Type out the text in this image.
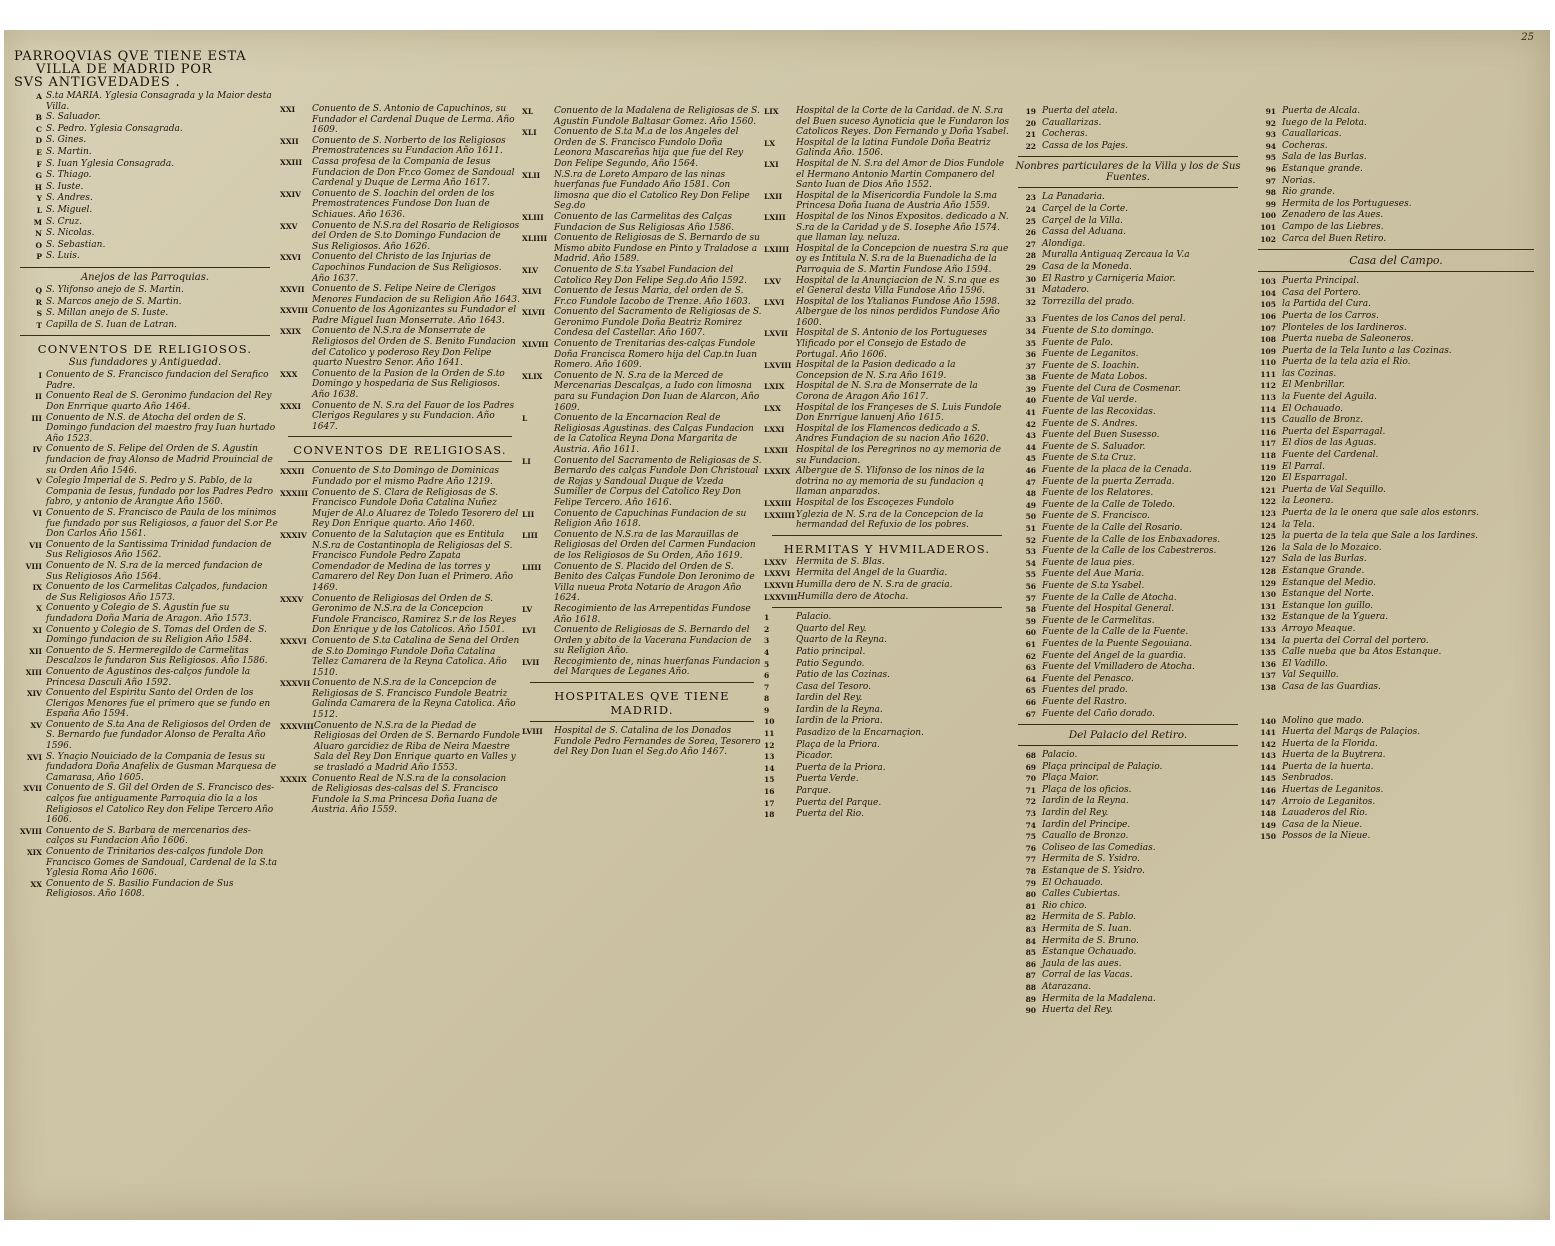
25
PARROQVIAS QVE TIENE ESTA
VILLA DE MADRID POR
SVS ANTIGVEDADES .
A S.ta MARIA. Yglesia Consagrada y la Maior desta Villa.
B S. Saluador.
C S. Pedro. Yglesia Consagrada.
D S. Gines.
E S. Martin.
F S. Iuan Yglesia Consagrada.
G S. Thiago.
H S. Iuste.
Y S. Andres.
L S. Miguel.
M S. Cruz.
N S. Nicolas.
O S. Sebastian.
P S. Luis.
Anejos de las Parroquias.
Q S. Ylifonso anejo de S. Martin.
R S. Marcos anejo de S. Martin.
S S. Millan anejo de S. Iuste.
T Capilla de S. Iuan de Latran.
CONVENTOS DE RELIGIOSOS.
Sus fundadores y Antiguedad.
I Conuento de S. Francisco fundacion del Serafico Padre.
II Conuento Real de S. Geronimo fundacion del Rey Don Enrrique quarto Año 1464.
III Conuento de N.S. de Atocha del orden de S. Domingo fundacion del maestro fray Iuan hurtado Año 1523.
IV Conuento de S. Felipe del Orden de S. Agustin fundacion de fray Alonso de Madrid Prouincial de su Orden Año 1546.
V Colegio Imperial de S. Pedro y S. Pablo, de la Compania de Iesus, fundado por los Padres Pedro fabro, y antonio de Arangue Año 1560.
VI Conuento de S. Francisco de Paula de los minimos fue fundado por sus Religiosos, a fauor del S.or P.e Don Carlos Año 1561.
VII Conuento de la Santissima Trinidad fundacion de Sus Religiosos Año 1562.
VIII Conuento de N. S.ra de la merced fundacion de Sus Religiosos Año 1564.
IX Conuento de los Carmelitas Calçados, fundacion de Sus Religiosos Año 1573.
X Conuento y Colegio de S. Agustin fue su fundadora Doña Maria de Aragon. Año 1573.
XI Conuento y Colegio de S. Tomas del Orden de S. Domingo fundacion de su Religion Año 1584.
XII Conuento de S. Hermeregildo de Carmelitas Descalzos le fundaron Sus Religiosos. Año 1586.
XIII Conuento de Agustinos des-calços fundole la Princesa Dasculi Año 1592.
XIV Conuento del Espiritu Santo del Orden de los Clerigos Menores fue el primero que se fundo en España Año 1594.
XV Conuento de S.ta Ana de Religiosos del Orden de S. Bernardo fue fundador Alonso de Peralta Año 1596.
XVI S. Ynaçio Nouiciado de la Compania de Iesus su fundadora Doña Anafelix de Gusman Marquesa de Camarasa, Año 1605.
XVII Conuento de S. Gil del Orden de S. Francisco des-calços fue antiguamente Parroquia dio la a los Religiosos el Catolico Rey don Felipe Tercero Año 1606.
XVIII Conuento de S. Barbara de mercenarios des-calços su Fundacion Año 1606.
XIX Conuento de Trinitarios des-calços fundole Don Francisco Gomes de Sandoual, Cardenal de la S.ta Yglesia Roma Año 1606.
XX Conuento de S. Basilio Fundacion de Sus Religiosos. Año 1608.
XXI	Conuento de S. Antonio de Capuchinos, su Fundador el Cardenal Duque de Lerma. Año 1609.
XXII	Conuento de S. Norberto de los Religiosos Premostratences su Fundacion Año 1611.
XXIII	Cassa profesa de la Compania de Iesus Fundacion de Don Fr.co Gomez de Sandoual Cardenal y Duque de Lerma Año 1617.
XXIV	Conuento de S. Ioachin del orden de los Premostratences Fundose Don Iuan de Schiaues. Año 1636.
XXV	Conuento de N.S.ra del Rosario de Religiosos del Orden de S.to Domingo Fundacion de Sus Religiosos. Año 1626.
XXVI	Conuento del Christo de las Injurias de Capochinos Fundacion de Sus Religiosos. Año 1637.
XXVII Conuento de S. Felipe Neire de Clerigos Menores Fundacion de su Religion Año 1643.
XXVIII Conuento de los Agonizantes su Fundador el Padre Miguel Iuan Monserrate. Año 1643.
XXIX	Conuento de N.S.ra de Monserrate de Religiosos del Orden de S. Benito Fundacion del Catolico y poderoso Rey Don Felipe quarto Nuestro Senor. Año 1641.
XXX	Conuento de la Pasion de la Orden de S.to Domingo y hospedaria de Sus Religiosos. Año 1638.
XXXI	Conuento de N. S.ra del Fauor de los Padres Clerigos Regulares y su Fundacion. Año 1647.
CONVENTOS DE RELIGIOSAS.
XXXII Conuento de S.to Domingo de Dominicas Fundado por el mismo Padre Año 1219.
XXXIII Conuento de S. Clara de Religiosas de S. Francisco Fundole Doña Catalina Nuñez Mujer de Al.o Aluarez de Toledo Tesorero del Rey Don Enrique quarto. Año 1460.
XXXIV Conuento de la Salutaçion que es Entitula N.S.ra de Costantinopla de Religiosas del S. Francisco Fundole Pedro Zapata Comendador de Medina de las torres y Camarero del Rey Don Iuan el Primero. Año 1469.
XXXV Conuento de Religiosas del Orden de S. Geronimo de N.S.ra de la Concepcion Fundole Francisco, Ramirez S.r de los Reyes Don Enrique y de los Catolicos. Año 1501.
XXXVI Conuento de S.ta Catalina de Sena del Orden de S.to Domingo Fundole Doña Catalina Tellez Camarera de la Reyna Catolica. Año 1510.
XXXVII Conuento de N.S.ra de la Concepcion de Religiosas de S. Francisco Fundole Beatriz Galinda Camarera de la Reyna Catolica. Año 1512.
XXXVIII Conuento de N.S.ra de la Piedad de Religiosas del Orden de S. Bernardo Fundole Aluaro garcidiez de Riba de Neira Maestre Sala del Rey Don Enrique quarto en Valles y se trasladó a Madrid Año 1553.
XXXIX Conuento Real de N.S.ra de la consolacion de Religiosas des-calsas del S. Francisco Fundole la S.ma Princesa Doña Iuana de Austria. Año 1559.
XL	Conuento de la Madalena de Religiosas de S. Agustin Fundole Baltasar Gomez. Año 1560.
XLI	Conuento de S.ta M.a de los Angeles del Orden de S. Francisco Fundolo Doña Leonora Mascareñas hija que fue del Rey Don Felipe Segundo, Año 1564.
XLII	N.S.ra de Loreto Amparo de las ninas huerfanas fue Fundado Año 1581. Con limosna que dio el Catolico Rey Don Felipe Seg.do
XLIII	Conuento de las Carmelitas des Calças Fundacion de Sus Religiosas Año 1586.
XLIIII Conuento de Religiosas de S. Bernardo de su Mismo abito Fundose en Pinto y Traladose a Madrid. Año 1589.
XLV	Conuento de S.ta Ysabel Fundacion del Catolico Rey Don Felipe Seg.do Año 1592.
XLVI	Conuento de Iesus Maria, del orden de S. Fr.co Fundole Iacobo de Trenze. Año 1603.
XLVII Conuento del Sacramento de Religiosas de S. Geronimo Fundole Doña Beatriz Romirez Condesa del Castellar. Año 1607.
XLVIII Conuento de Trenitarias des-calças Fundole Doña Francisca Romero hija del Cap.tn Iuan Romero. Año 1609.
XLIX	Conuento de N. S.ra de la Merced de Mercenarias Descalças, a Iudo con limosna para su Fundaçion Don Iuan de Alarcon, Año 1609.
L	Conuento de la Encarnacion Real de Religiosas Agustinas. des Calças Fundacion de la Catolica Reyna Dona Margarita de Austria. Año 1611.
LI	Conuento del Sacramento de Religiosas de S. Bernardo des calças Fundole Don Christoual de Rojas y Sandoual Duque de Vzeda Sumiller de Corpus del Catolico Rey Don Felipe Tercero. Año 1616.
LII	Conuento de Capuchinas Fundacion de su Religion Año 1618.
LIII	Conuento de N.S.ra de las Marauillas de Religiosas del Orden del Carmen Fundacion de los Religiosos de Su Orden, Año 1619.
LIIII	Conuento de S. Placido del Orden de S. Benito des Calças Fundole Don Ieronimo de Villa nueua Prota Notario de Aragon Año 1624.
LV	Recogimiento de las Arrepentidas Fundose Año 1618.
LVI	Conuento de Religiosas de S. Bernardo del Orden y abito de la Vacerana Fundacion de su Religion Año.
LVII	Recogimiento de, ninas huerfanas Fundacion del Marques de Leganes Año.
HOSPITALES QVE TIENE MADRID.
LVIII	Hospital de S. Catalina de los Donados Fundole Pedro Fernandes de Sorea, Tesorero del Rey Don Iuan el Seg.do Año 1467.
LIX	Hospital de la Corte de la Caridad. de N. S.ra del Buen suceso Aynoticia que le Fundaron los Catolicos Reyes. Don Fernando y Doña Ysabel.
LX	Hospital de la latina Fundole Doña Beatriz Galinda Año. 1506.
LXI	Hospital de N. S.ra del Amor de Dios Fundole el Hermano Antonio Martin Companero del Santo Iuan de Dios Año 1552.
LXII	Hospital de la Misericordia Fundole la S.ma Princesa Doña Iuana de Austria Año 1559.
LXIII	Hospital de los Ninos Expositos. dedicado a N. S.ra de la Caridad y de S. Iosephe Año 1574. que llaman lay. neluza.
LXIIII Hospital de la Concepcion de nuestra S.ra que oy es Intitula N. S.ra de la Buenadicha de la Parroquia de S. Martin Fundose Año 1594.
LXV	Hospital de la Anunçiacion de N. S.ra que es el General desta Villa Fundose Año 1596.
LXVI	Hospital de los Ytalianos Fundose Año 1598. Albergue de los ninos perdidos Fundose Año 1600.
LXVII Hospital de S. Antonio de los Portugueses Ylificado por el Consejo de Estado de Portugal. Año 1606.
LXVIII Hospital de la Pasion dedicado a la Concepsion de N. S.ra Año 1619.
LXIX	Hospital de N. S.ra de Monserrate de la Corona de Aragon Año 1617.
LXX	Hospital de los Françeses de S. Luis Fundole Don Enrrigue lanuenj Año 1615.
LXXI	Hospital de los Flamencos dedicado a S. Andres Fundaçion de su nacion Año 1620.
LXXII Hospital de los Peregrinos no ay memoria de su Fundacion.
LXXIX Albergue de S. Ylifonso de los ninos de la dotrina no ay memoria de su fundacion q llaman anparados.
LXXIII Hospital de los Escoçezes Fundolo
LXXIIII Yglezia de N. S.ra de la Concepcion de la hermandad del Refuxio de los pobres.
HERMITAS Y HVMILADEROS.
LXXV	Hermita de S. Blas.
LXXVI Hermita del Angel de la Guardia.
LXXVII Humilla dero de N. S.ra de gracia.
LXXVIII Humilla dero de Atocha.
1	Palacio.
2	Quarto del Rey.
3	Quarto de la Reyna.
4	Patio principal.
5	Patio Segundo.
6	Patio de las Cozinas.
7	Casa del Tesoro.
8	Iardin del Rey.
9	Iardin de la Reyna.
10	Iardin de la Priora.
11	Pasadizo de la Encarnaçion.
12	Plaça de la Priora.
13	Picador.
14	Puerta de la Priora.
15	Puerta Verde.
16	Parque.
17	Puerta del Parque.
18	Puerta del Rio.
19 Puerta del atela.
20 Cauallarizas.
21 Cocheras.
22 Cassa de los Pajes.
Nonbres particulares de la Villa y los de Sus Fuentes.
23 La Panadaria.
24 Carçel de la Corte.
25 Carçel de la Villa.
26 Cassa del Aduana.
27 Alondiga.
28 Muralla Antiguaq Zercaua la V.a
29 Casa de la Moneda.
30 El Rastro y Carniçeria Maior.
31 Matadero.
32 Torrezilla del prado.
33 Fuentes de los Canos del peral.
34 Fuente de S.to domingo.
35 Fuente de Palo.
36 Fuente de Leganitos.
37 Fuente de S. Ioachin.
38 Fuente de Mata Lobos.
39 Fuente del Cura de Cosmenar.
40 Fuente de Val uerde.
41 Fuente de las Recoxidas.
42 Fuente de S. Andres.
43 Fuente del Buen Susesso.
44 Fuente de S. Saluador.
45 Fuente de S.ta Cruz.
46 Fuente de la placa de la Cenada.
47 Fuente de la puerta Zerrada.
48 Fuente de los Relatores.
49 Fuente de la Calle de Toledo.
50 Fuente de S. Francisco.
51 Fuente de la Calle del Rosario.
52 Fuente de la Calle de los Enbaxadores.
53 Fuente de la Calle de los Cabestreros.
54 Fuente de laua pies.
55 Fuente del Aue Maria.
56 Fuente de S.ta Ysabel.
57 Fuente de la Calle de Atocha.
58 Fuente del Hospital General.
59 Fuente de le Carmelitas.
60 Fuente de la Calle de la Fuente.
61 Fuentes de la Puente Segouiana.
62 Fuente del Angel de la guardia.
63 Fuente del Vmilladero de Atocha.
64 Fuente del Penasco.
65 Fuentes del prado.
66 Fuente del Rastro.
67 Fuente del Caño dorado.
Del Palacio del Retiro.
68 Palacio.
69 Plaça principal de Palaçio.
70 Plaça Maior.
71 Plaça de los oficios.
72 Iardin de la Reyna.
73 Iardin del Rey.
74 Iardin del Principe.
75 Cauallo de Bronzo.
76 Coliseo de las Comedias.
77 Hermita de S. Ysidro.
78 Estanque de S. Ysidro.
79 El Ochauado.
80 Calles Cubiertas.
81 Rio chico.
82 Hermita de S. Pablo.
83 Hermita de S. Iuan.
84 Hermita de S. Bruno.
85 Estanque Ochauado.
86 Jaula de las aues.
87 Corral de las Vacas.
88 Atarazana.
89 Hermita de la Madalena.
90 Huerta del Rey.
91 Puerta de Alcala.
92 Iuego de la Pelota.
93 Cauallaricas.
94 Cocheras.
95 Sala de las Burlas.
96 Estanque grande.
97 Norias.
98 Rio grande.
99 Hermita de los Portugueses.
100 Zenadero de las Aues.
101 Campo de las Liebres.
102 Carca del Buen Retiro.
Casa del Campo.
103 Puerta Principal.
104 Casa del Portero.
105 la Partida del Cura.
106 Puerta de los Carros.
107 Plonteles de los Iardineros.
108 Puerta nueba de Saleoneros.
109 Puerta de la Tela Iunto a las Cozinas.
110 Puerta de la tela azia el Rio.
111 las Cozinas.
112 El Menbrillar.
113 la Fuente del Aguila.
114 El Ochauado.
115 Cauallo de Bronz.
116 Puerta del Esparragal.
117 El dios de las Aguas.
118 Fuente del Cardenal.
119 El Parral.
120 El Esparragal.
121 Puerta de Val Sequillo.
122 la Leonera.
123 Puerta de la le onera que sale alos estonrs.
124 la Tela.
125 la puerta de la tela que Sale a los Iardines.
126 la Sala de lo Mozaico.
127 Sala de las Burlas.
128 Estanque Grande.
129 Estanque del Medio.
130 Estanque del Norte.
131 Estanque lon guillo.
132 Estanque de la Yguera.
133 Arroyo Meaque.
134 la puerta del Corral del portero.
135 Calle nueba que ba Atos Estanque.
136 El Vadillo.
137 Val Sequillo.
138 Casa de las Guardias.
140 Molino que mado.
141 Huerta del Marqs de Palaçios.
142 Huerta de la Florida.
143 Huerta de la Buytrera.
144 Puerta de la huerta.
145 Senbrados.
146 Huertas de Leganitos.
147 Arroio de Leganitos.
148 Lauaderos del Rio.
149 Casa de la Nieue.
150 Possos de la Nieue.
